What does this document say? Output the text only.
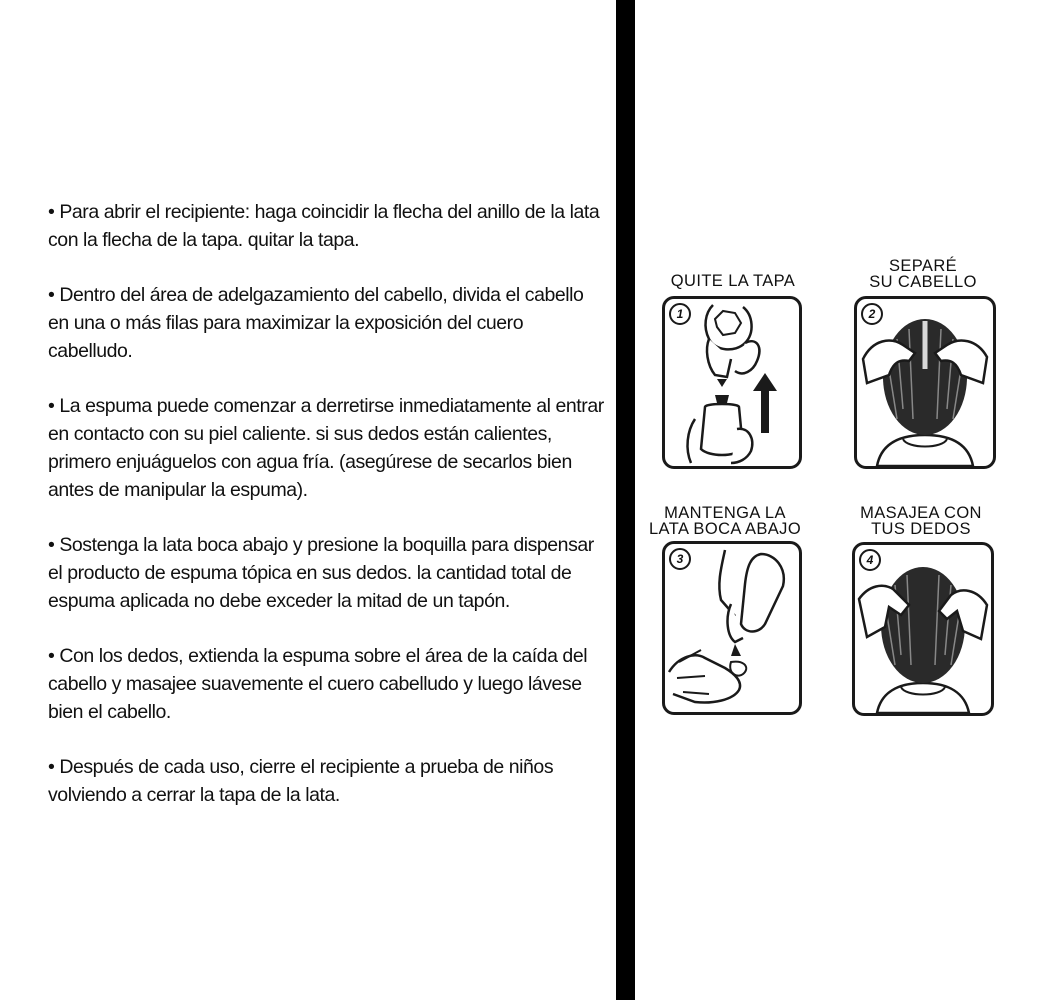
• Para abrir el recipiente: haga coincidir la flecha del anillo de la lata con la flecha de la tapa. quitar la tapa.

• Dentro del área de adelgazamiento del cabello, divida el cabello en una o más filas para maximizar la exposición del cuero cabelludo.

• La espuma puede comenzar a derretirse inmediatamente al entrar en contacto con su piel caliente. si sus dedos están calientes, primero enjuáguelos con agua fría. (asegúrese de secarlos bien antes de manipular la espuma).

• Sostenga la lata boca abajo y presione la boquilla para dispensar el producto de espuma tópica en sus dedos. la cantidad total de espuma aplicada no debe exceder la mitad de un tapón.

• Con los dedos, extienda la espuma sobre el área de la caída del cabello y masajee suavemente el cuero cabelludo y luego lávese bien el cabello.

• Después de cada uso, cierre el recipiente a prueba de niños volviendo a cerrar la tapa de la lata.

QUITE LA TAPA
1
SEPARÉ
SU CABELLO
2
MANTENGA LA
LATA BOCA ABAJO
3
MASAJEA CON
TUS DEDOS
4
